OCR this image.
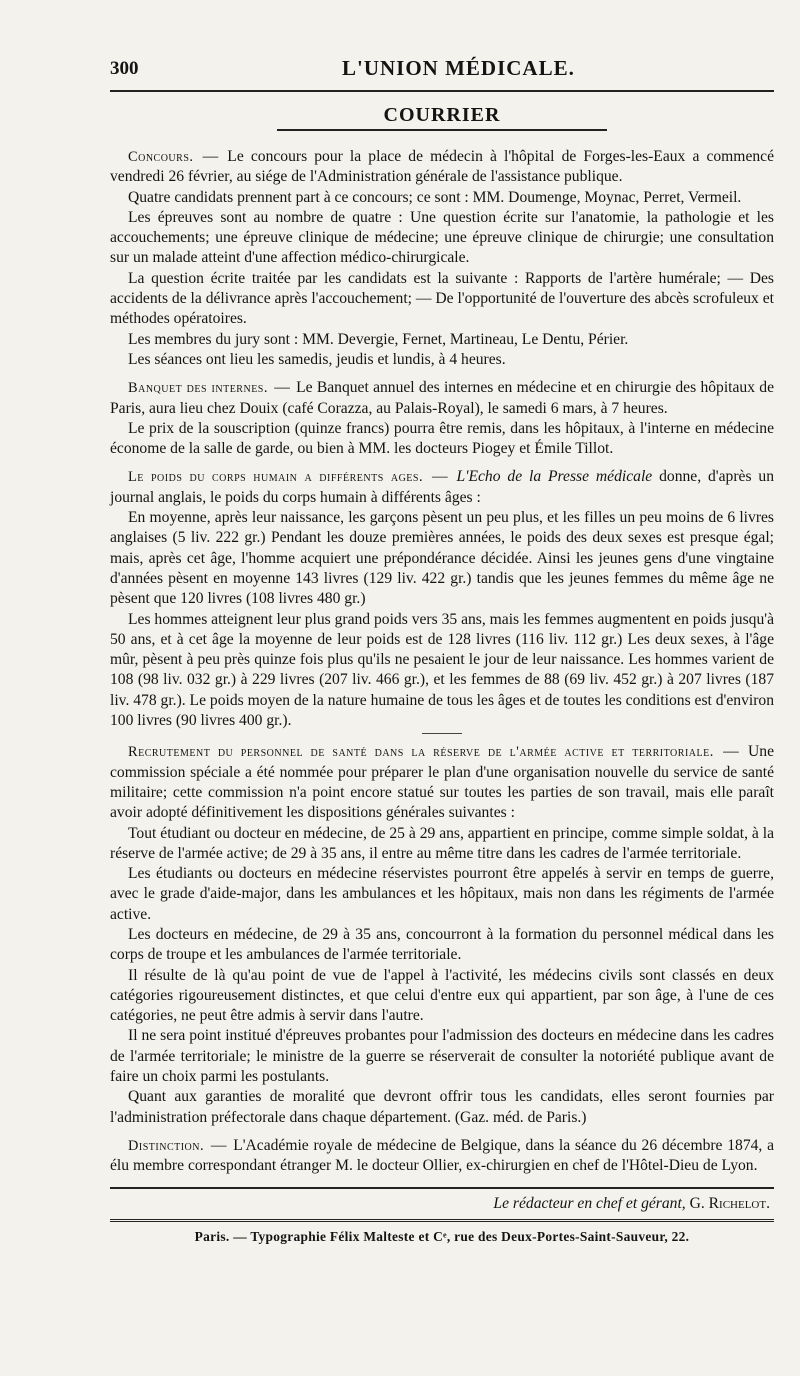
300	L'UNION MÉDICALE.
COURRIER

Concours. — Le concours pour la place de médecin à l'hôpital de Forges-les-Eaux a commencé vendredi 26 février, au siége de l'Administration générale de l'assistance publique.

Quatre candidats prennent part à ce concours; ce sont : MM. Doumenge, Moynac, Perret, Vermeil.

Les épreuves sont au nombre de quatre : Une question écrite sur l'anatomie, la pathologie et les accouchements; une épreuve clinique de médecine; une épreuve clinique de chirurgie; une consultation sur un malade atteint d'une affection médico-chirurgicale.

La question écrite traitée par les candidats est la suivante : Rapports de l'artère humérale; — Des accidents de la délivrance après l'accouchement; — De l'opportunité de l'ouverture des abcès scrofuleux et méthodes opératoires.

Les membres du jury sont : MM. Devergie, Fernet, Martineau, Le Dentu, Périer.

Les séances ont lieu les samedis, jeudis et lundis, à 4 heures.

Banquet des internes. — Le Banquet annuel des internes en médecine et en chirurgie des hôpitaux de Paris, aura lieu chez Douix (café Corazza, au Palais-Royal), le samedi 6 mars, à 7 heures.

Le prix de la souscription (quinze francs) pourra être remis, dans les hôpitaux, à l'interne en médecine économe de la salle de garde, ou bien à MM. les docteurs Piogey et Émile Tillot.

Le poids du corps humain a différents ages. — L'Echo de la Presse médicale donne, d'après un journal anglais, le poids du corps humain à différents âges :

En moyenne, après leur naissance, les garçons pèsent un peu plus, et les filles un peu moins de 6 livres anglaises (5 liv. 222 gr.) Pendant les douze premières années, le poids des deux sexes est presque égal; mais, après cet âge, l'homme acquiert une prépondérance décidée. Ainsi les jeunes gens d'une vingtaine d'années pèsent en moyenne 143 livres (129 liv. 422 gr.) tandis que les jeunes femmes du même âge ne pèsent que 120 livres (108 livres 480 gr.)

Les hommes atteignent leur plus grand poids vers 35 ans, mais les femmes augmentent en poids jusqu'à 50 ans, et à cet âge la moyenne de leur poids est de 128 livres (116 liv. 112 gr.) Les deux sexes, à l'âge mûr, pèsent à peu près quinze fois plus qu'ils ne pesaient le jour de leur naissance. Les hommes varient de 108 (98 liv. 032 gr.) à 229 livres (207 liv. 466 gr.), et les femmes de 88 (69 liv. 452 gr.) à 207 livres (187 liv. 478 gr.). Le poids moyen de la nature humaine de tous les âges et de toutes les conditions est d'environ 100 livres (90 livres 400 gr.).

Recrutement du personnel de santé dans la réserve de l'armée active et territoriale. — Une commission spéciale a été nommée pour préparer le plan d'une organisation nouvelle du service de santé militaire; cette commission n'a point encore statué sur toutes les parties de son travail, mais elle paraît avoir adopté définitivement les dispositions générales suivantes :

Tout étudiant ou docteur en médecine, de 25 à 29 ans, appartient en principe, comme simple soldat, à la réserve de l'armée active; de 29 à 35 ans, il entre au même titre dans les cadres de l'armée territoriale.

Les étudiants ou docteurs en médecine réservistes pourront être appelés à servir en temps de guerre, avec le grade d'aide-major, dans les ambulances et les hôpitaux, mais non dans les régiments de l'armée active.

Les docteurs en médecine, de 29 à 35 ans, concourront à la formation du personnel médical dans les corps de troupe et les ambulances de l'armée territoriale.

Il résulte de là qu'au point de vue de l'appel à l'activité, les médecins civils sont classés en deux catégories rigoureusement distinctes, et que celui d'entre eux qui appartient, par son âge, à l'une de ces catégories, ne peut être admis à servir dans l'autre.

Il ne sera point institué d'épreuves probantes pour l'admission des docteurs en médecine dans les cadres de l'armée territoriale; le ministre de la guerre se réserverait de consulter la notoriété publique avant de faire un choix parmi les postulants.

Quant aux garanties de moralité que devront offrir tous les candidats, elles seront fournies par l'administration préfectorale dans chaque département. (Gaz. méd. de Paris.)

Distinction. — L'Académie royale de médecine de Belgique, dans la séance du 26 décembre 1874, a élu membre correspondant étranger M. le docteur Ollier, ex-chirurgien en chef de l'Hôtel-Dieu de Lyon.

Le rédacteur en chef et gérant, G. Richelot.
Paris. — Typographie Félix Malteste et Cᵉ, rue des Deux-Portes-Saint-Sauveur, 22.
